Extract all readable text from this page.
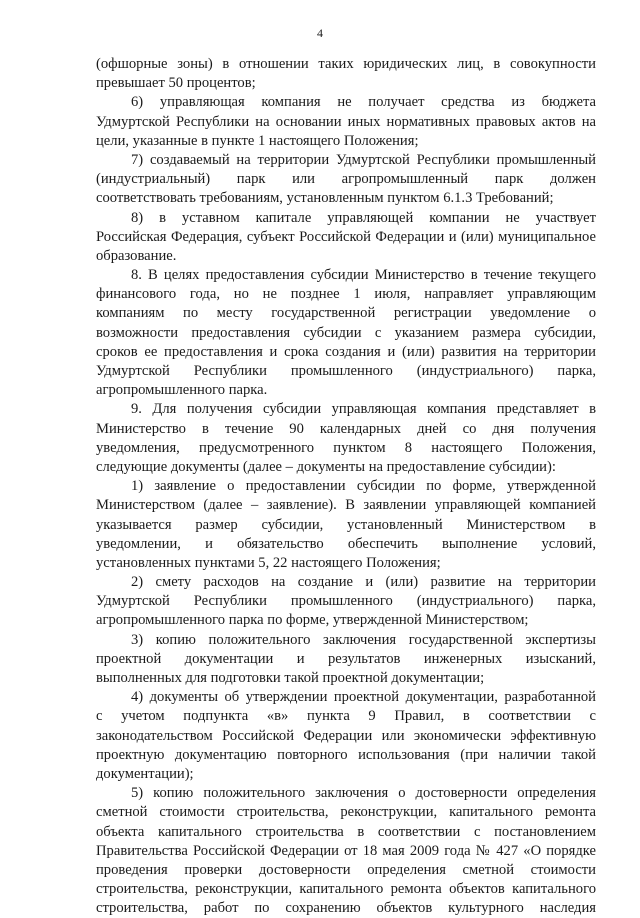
4
(офшорные зоны) в отношении таких юридических лиц, в совокупности
превышает 50 процентов;
6) управляющая компания не получает средства из бюджета
Удмуртской Республики на основании иных нормативных правовых актов на
цели, указанные в пункте 1 настоящего Положения;
7) создаваемый на территории Удмуртской Республики промышленный
(индустриальный) парк или агропромышленный парк должен
соответствовать требованиям, установленным пунктом 6.1.3 Требований;
8) в уставном капитале управляющей компании не участвует
Российская Федерация, субъект Российской Федерации и (или) муниципальное
образование.
8. В целях предоставления субсидии Министерство в течение текущего
финансового года, но не позднее 1 июля, направляет управляющим
компаниям по месту государственной регистрации уведомление о
возможности предоставления субсидии с указанием размера субсидии,
сроков ее предоставления и срока создания и (или) развития на территории
Удмуртской Республики промышленного (индустриального) парка,
агропромышленного парка.
9. Для получения субсидии управляющая компания представляет в
Министерство в течение 90 календарных дней со дня получения
уведомления, предусмотренного пунктом 8 настоящего Положения,
следующие документы (далее – документы на предоставление субсидии):
1) заявление о предоставлении субсидии по форме, утвержденной
Министерством (далее – заявление). В заявлении управляющей компанией
указывается размер субсидии, установленный Министерством в
уведомлении, и обязательство обеспечить выполнение условий,
установленных пунктами 5, 22 настоящего Положения;
2) смету расходов на создание и (или) развитие на территории
Удмуртской Республики промышленного (индустриального) парка,
агропромышленного парка по форме, утвержденной Министерством;
3) копию положительного заключения государственной экспертизы
проектной документации и результатов инженерных изысканий,
выполненных для подготовки такой проектной документации;
4) документы об утверждении проектной документации, разработанной
с учетом подпункта «в» пункта 9 Правил, в соответствии с
законодательством Российской Федерации или экономически эффективную
проектную документацию повторного использования (при наличии такой
документации);
5) копию положительного заключения о достоверности определения
сметной стоимости строительства, реконструкции, капитального ремонта
объекта капитального строительства в соответствии с постановлением
Правительства Российской Федерации от 18 мая 2009 года № 427 «О порядке
проведения проверки достоверности определения сметной стоимости
строительства, реконструкции, капитального ремонта объектов капитального
строительства, работ по сохранению объектов культурного наследия
